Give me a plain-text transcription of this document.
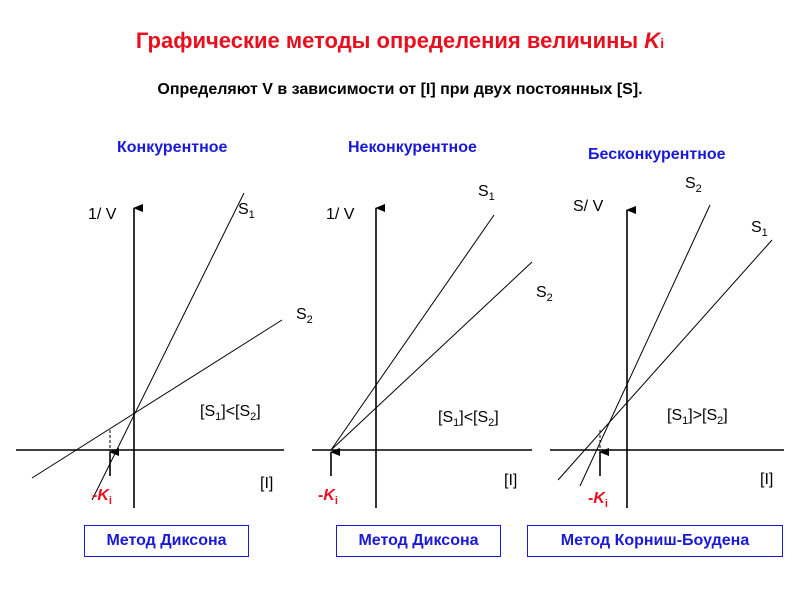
Графические методы определения величины Ki
Определяют V в зависимости от [I] при двух постоянных [S].
Конкурентное	Неконкурентное	Бесконкурентное
1/ V
[I]
$S_1$
$S_2$
$[S_1]<[S_2]$
$-K_i$
1/ V
[I]
$S_1$
$S_2$
$[S_1]<[S_2]$
$-K_i$
S/ V
[I]
$S_2$
$S_1$
$[S_1]>[S_2]$
$-K_i$
Метод Диксона	Метод Диксона	Метод Корниш-Боудена
